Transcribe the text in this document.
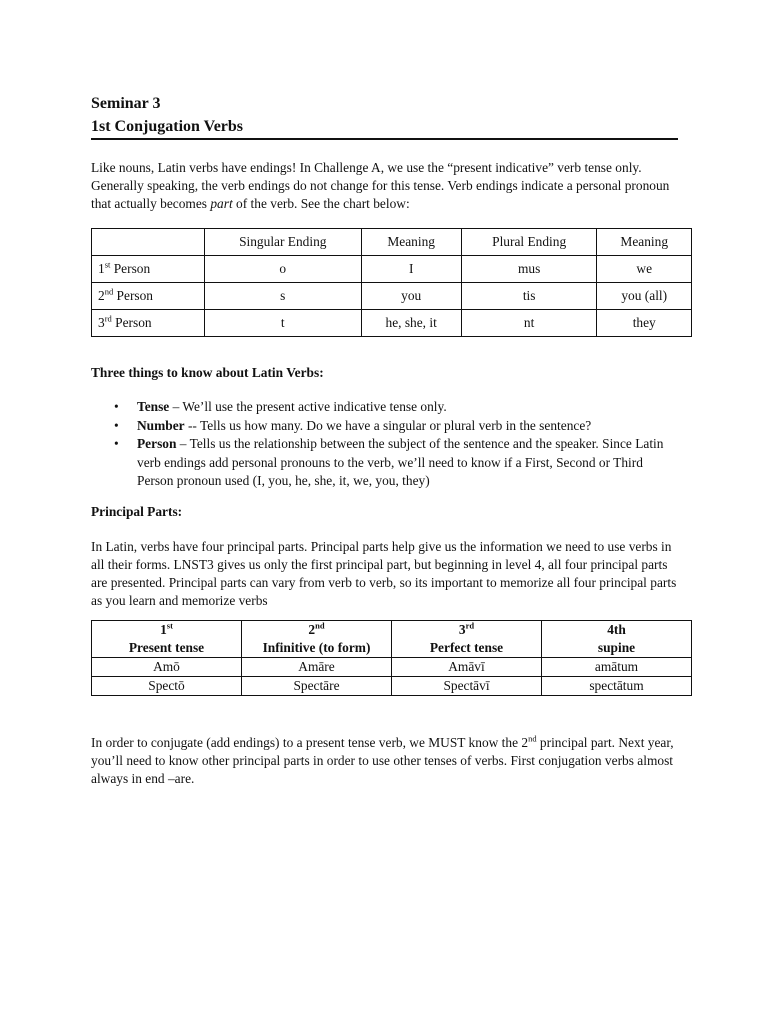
Seminar 3
1st Conjugation Verbs

Like nouns, Latin verbs have endings! In Challenge A, we use the “present indicative” verb tense only. Generally speaking, the verb endings do not change for this tense. Verb endings indicate a personal pronoun that actually becomes part of the verb. See the chart below:

	Singular Ending	Meaning	Plural Ending	Meaning
1st Person	o	I	mus	we
2nd Person	s	you	tis	you (all)
3rd Person	t	he, she, it	nt	they
Three things to know about Latin Verbs:
• Tense – We’ll use the present active indicative tense only.
• Number -- Tells us how many. Do we have a singular or plural verb in the sentence?
• Person – Tells us the relationship between the subject of the sentence and the speaker. Since Latin verb endings add personal pronouns to the verb, we’ll need to know if a First, Second or Third Person pronoun used (I, you, he, she, it, we, you, they)
Principal Parts:

In Latin, verbs have four principal parts. Principal parts help give us the information we need to use verbs in all their forms. LNST3 gives us only the first principal part, but beginning in level 4, all four principal parts are presented. Principal parts can vary from verb to verb, so its important to memorize all four principal parts as you learn and memorize verbs

1st	2nd	3rd	4th
Present tense	Infinitive (to form)	Perfect tense	supine
Amō	Amāre	Amāvī	amātum
Spectō	Spectāre	Spectāvī	spectātum

In order to conjugate (add endings) to a present tense verb, we MUST know the 2nd principal part. Next year, you’ll need to know other principal parts in order to use other tenses of verbs. First conjugation verbs almost always in end –are.
